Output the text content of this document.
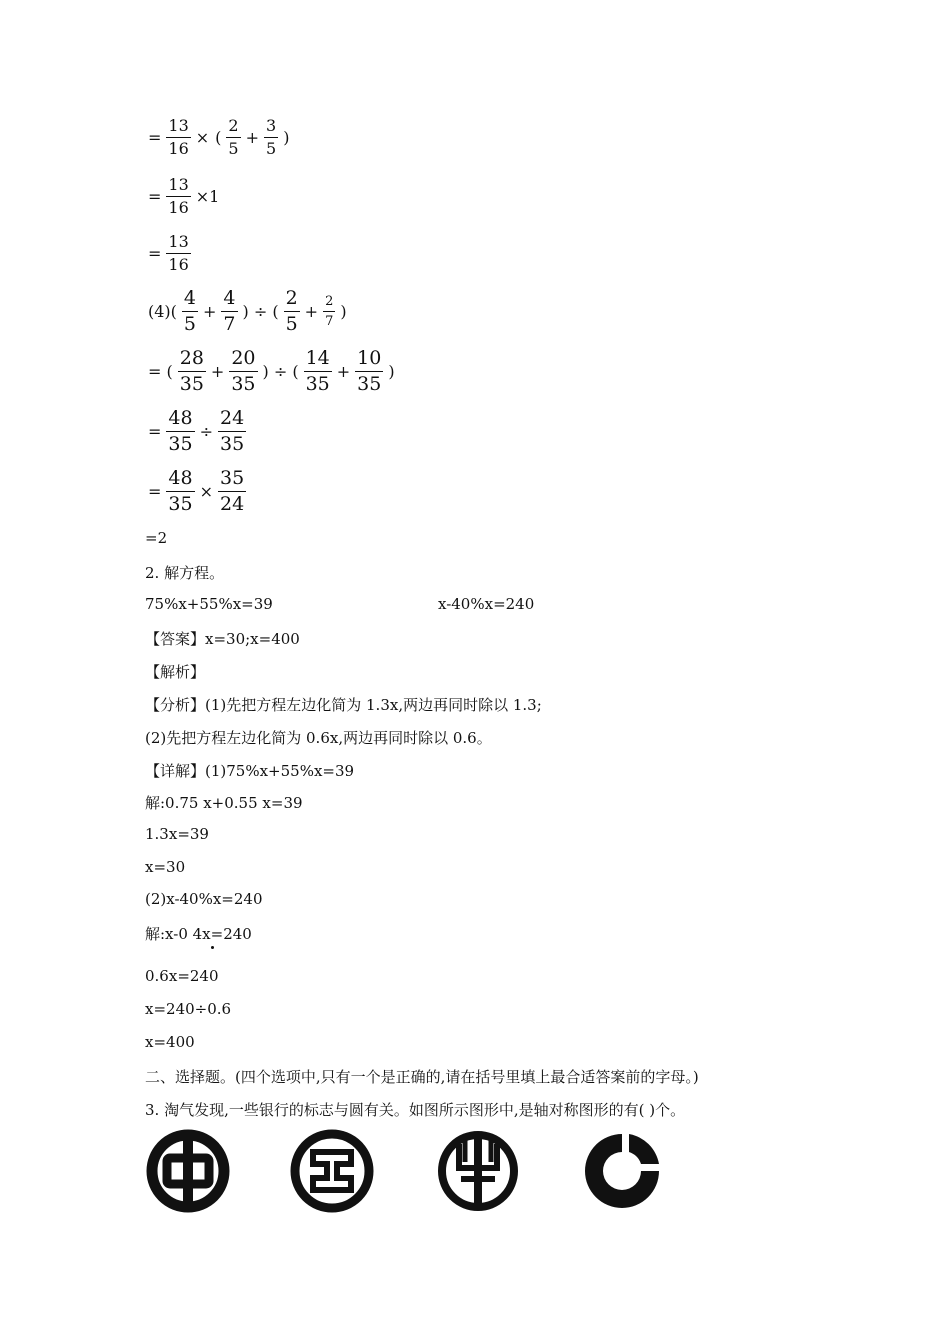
= $\frac{13}{16}$ × ( $\frac{2}{5} + \frac{3}{5}$ )
= $\frac{13}{16} \times 1$
= $\frac{13}{16}$
$(4)( \frac{4}{5} + \frac{4}{7}$ ) ÷ ( $\frac{2}{5} + \frac{2}{7}$ )
= ( $\frac{28}{35} + \frac{20}{35}$ ) ÷ ( $\frac{14}{35} + \frac{10}{35}$ )
= $\frac{48}{35} \div \frac{24}{35}$
= $\frac{48}{35} \times \frac{35}{24}$
=2
2. 解方程。
75%x+55%x=39	x-40%x=240
【答案】x=30;x=400
【解析】
【分析】(1)先把方程左边化简为 1.3x,两边再同时除以 1.3;
(2)先把方程左边化简为 0.6x,两边再同时除以 0.6。
【详解】(1)75%x+55%x=39
解:0.75 x+0.55 x=39
1.3x=39
x=30
(2)x-40%x=240
解:x-0 4x=240
0.6x=240
x=240÷0.6
x=400
二、选择题。(四个选项中,只有一个是正确的,请在括号里填上最合适答案前的字母。)
3. 淘气发现,一些银行的标志与圆有关。如图所示图形中,是轴对称图形的有( )个。
